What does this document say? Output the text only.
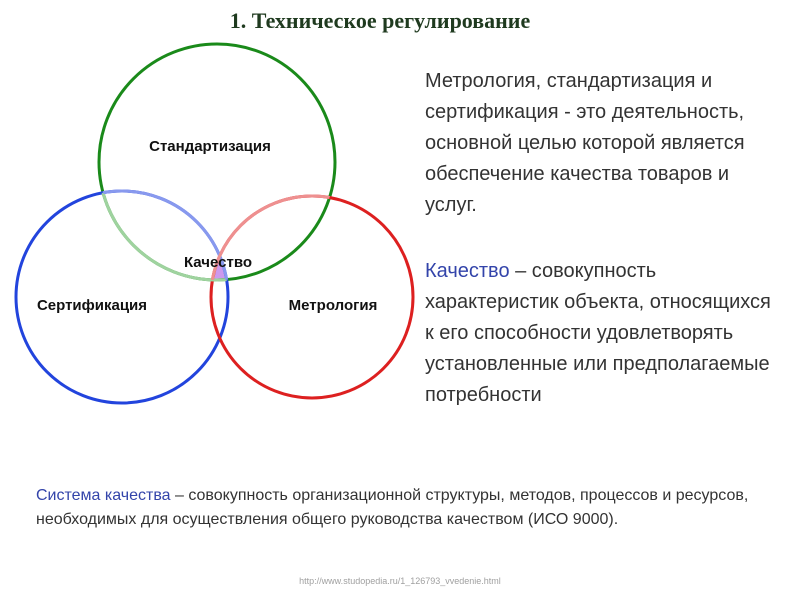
1. Техническое регулирование
Стандартизация
Сертификация	Метрология
Качество
Метрология, стандартизация и сертификация - это деятельность, основной целью которой является обеспечение качества товаров и услуг.
Качество – совокупность характеристик объекта, относящихся к его способности удовлетворять установленные или предполагаемые потребности
Система качества – совокупность организационной структуры, методов, процессов и ресурсов, необходимых для осуществления общего руководства качеством (ИСО 9000).
http://www.studopedia.ru/1_126793_vvedenie.html
